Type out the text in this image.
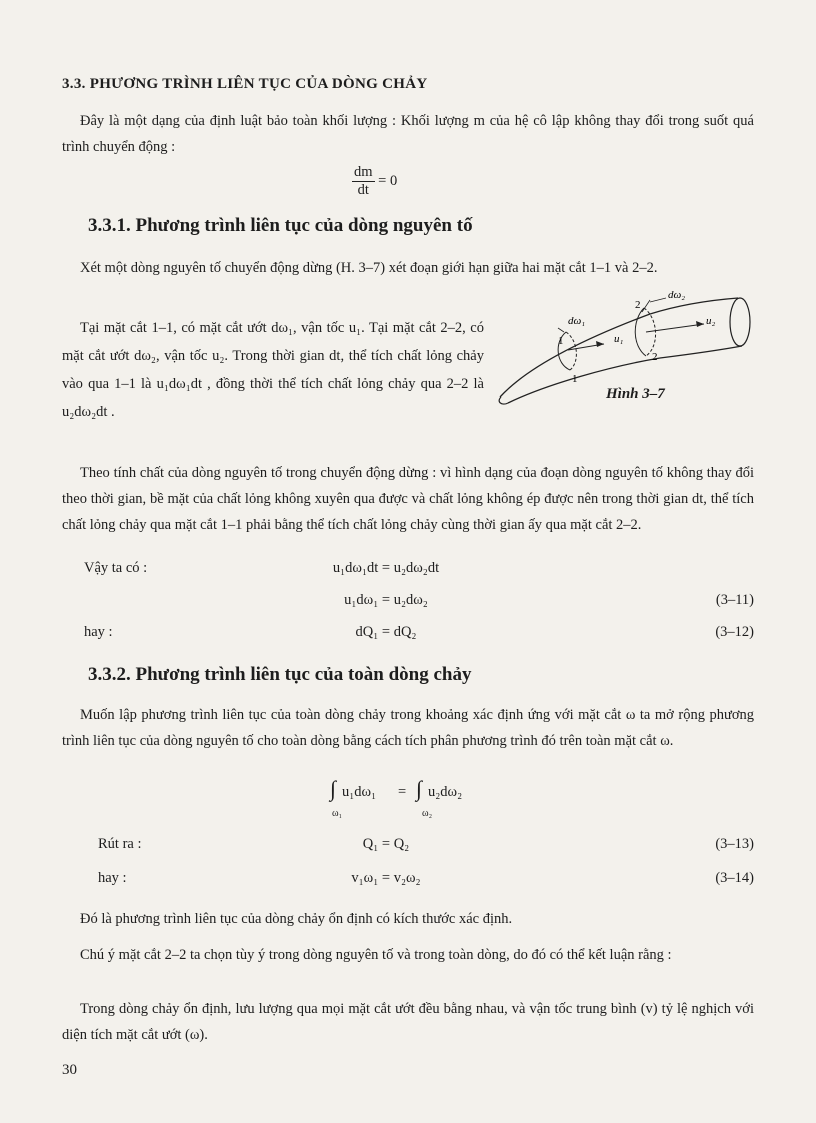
3.3. PHƯƠNG TRÌNH LIÊN TỤC CỦA DÒNG CHẢY
Đây là một dạng của định luật bảo toàn khối lượng : Khối lượng m của hệ cô lập không thay đổi trong suốt quá trình chuyển động :
$\frac{dm}{dt} = 0$
3.3.1. Phương trình liên tục của dòng nguyên tố
Xét một dòng nguyên tố chuyển động dừng (H. 3–7) xét đoạn giới hạn giữa hai mặt cắt 1–1 và 2–2.
Tại mặt cắt 1–1, có mặt cắt ướt dω₁, vận tốc u₁. Tại mặt cắt 2–2, có mặt cắt ướt dω₂, vận tốc u₂. Trong thời gian dt, thể tích chất lỏng chảy vào qua 1–1 là u₁dω₁dt , đồng thời thể tích chất lỏng chảy qua 2–2 là u₂dω₂dt .
dω₁
1
1
u₁
dω₂
2
2
u₂
Hình 3–7
Theo tính chất của dòng nguyên tố trong chuyển động dừng : vì hình dạng của đoạn dòng nguyên tố không thay đổi theo thời gian, bề mặt của chất lỏng không xuyên qua được và chất lỏng không ép được nên trong thời gian dt, thể tích chất lỏng chảy qua mặt cắt 1–1 phải bằng thể tích chất lỏng chảy cùng thời gian ấy qua mặt cắt 2–2.
Vậy ta có :	u₁dω₁dt = u₂dω₂dt
u₁dω₁ = u₂dω₂	(3–11)
hay :	dQ₁ = dQ₂	(3–12)
3.3.2. Phương trình liên tục của toàn dòng chảy
Muốn lập phương trình liên tục của toàn dòng chảy trong khoảng xác định ứng với mặt cắt ω ta mở rộng phương trình liên tục của dòng nguyên tố cho toàn dòng bằng cách tích phân phương trình đó trên toàn mặt cắt ω.
∫ u₁dω₁
ω₁
= ∫ u₂dω₂
ω₂
Rút ra :	Q₁ = Q₂	(3–13)
hay :	v₁ω₁ = v₂ω₂	(3–14)
Đó là phương trình liên tục của dòng chảy ổn định có kích thước xác định.
Chú ý mặt cắt 2–2 ta chọn tùy ý trong dòng nguyên tố và trong toàn dòng, do đó có thể kết luận rằng :
Trong dòng chảy ổn định, lưu lượng qua mọi mặt cắt ướt đều bằng nhau, và vận tốc trung bình (v) tỷ lệ nghịch với diện tích mặt cắt ướt (ω).
30
